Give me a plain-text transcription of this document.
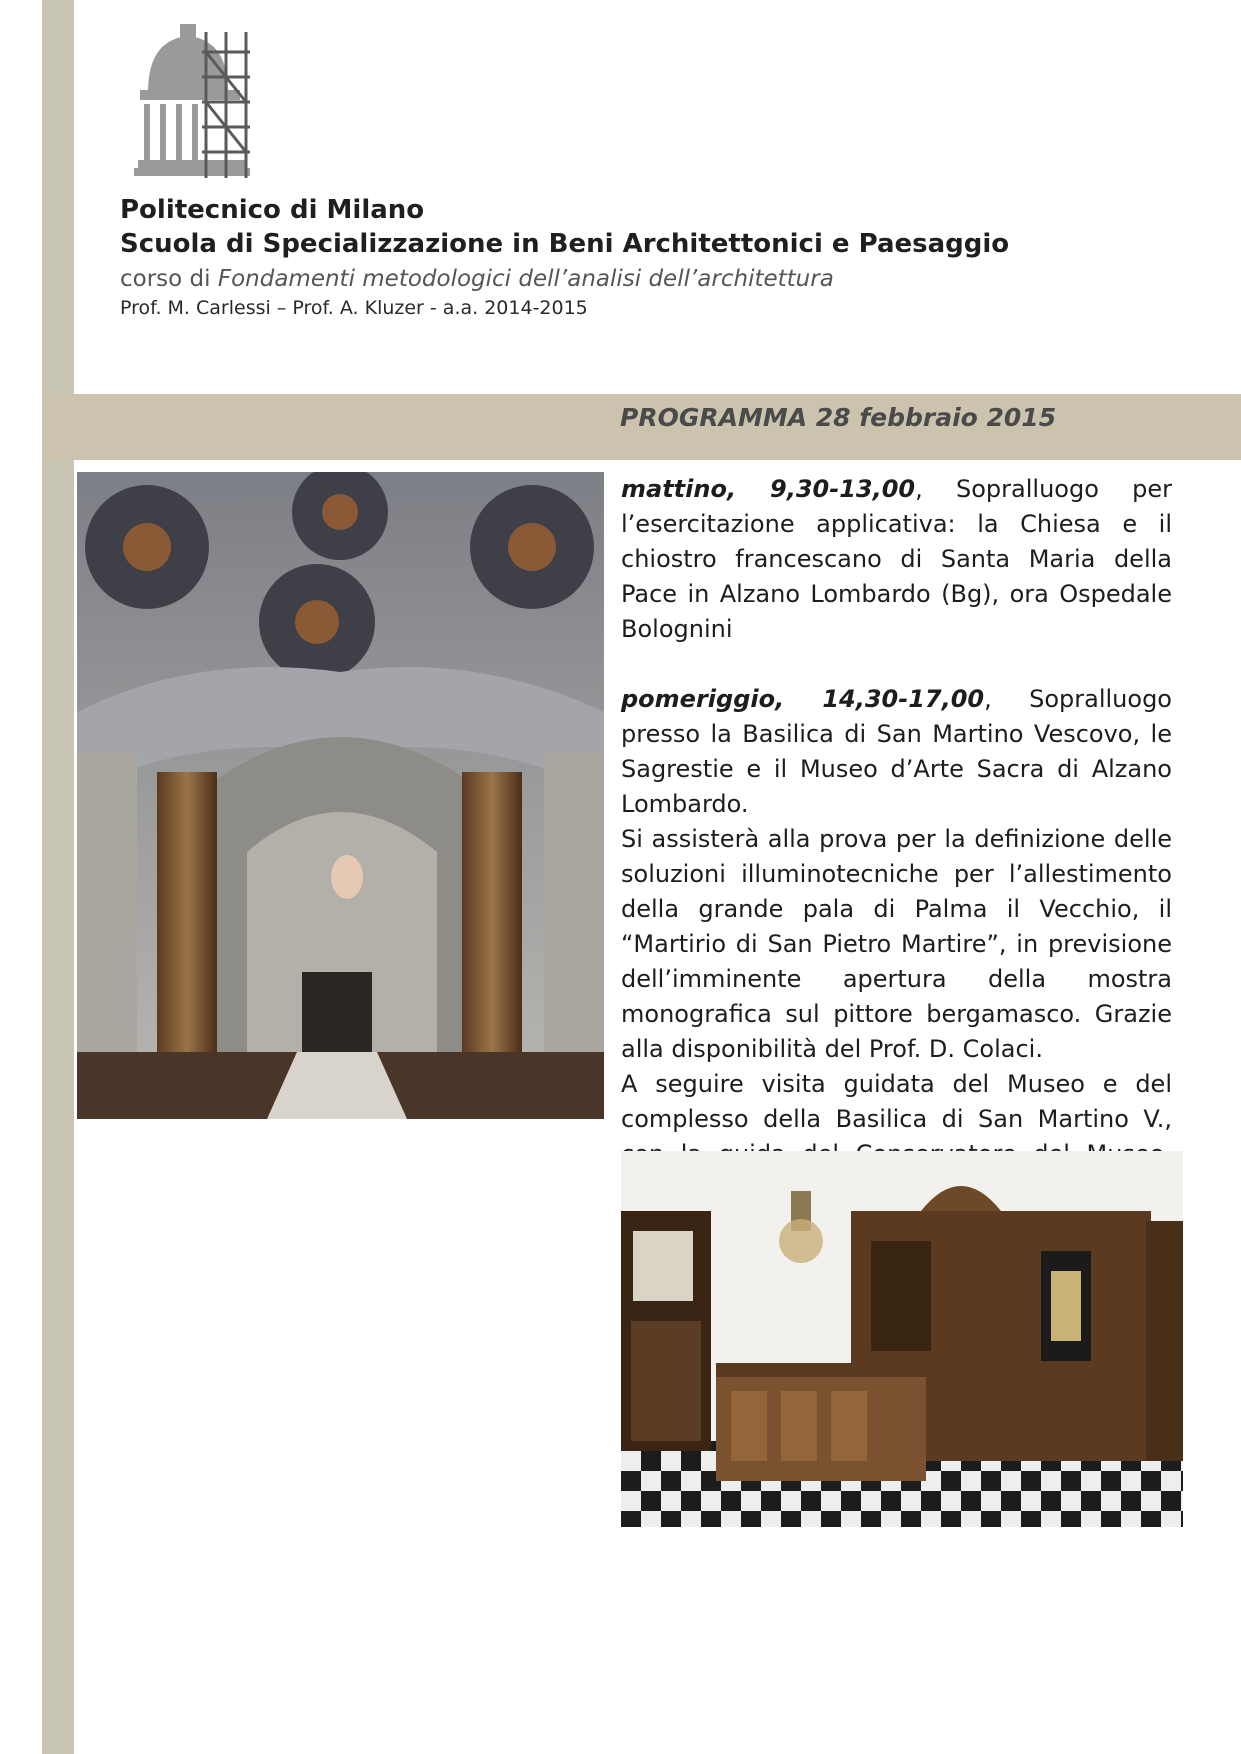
Politecnico di Milano

Scuola di Specializzazione in Beni Architettonici e Paesaggio

corso di Fondamenti metodologici dell’analisi dell’architettura

Prof. M. Carlessi – Prof. A. Kluzer - a.a. 2014-2015

PROGRAMMA 28 febbraio 2015

mattino, 9,30-13,00, Sopralluogo per l’esercitazione applicativa: la Chiesa e il chiostro francescano di Santa Maria della Pace in Alzano Lombardo (Bg), ora Ospedale Bolognini

pomeriggio, 14,30-17,00, Sopralluogo presso la Basilica di San Martino Vescovo, le Sagrestie e il Museo d’Arte Sacra di Alzano Lombardo.

Si assisterà alla prova per la definizione delle soluzioni illuminotecniche per l’allestimento della grande pala di Palma il Vecchio, il “Martirio di San Pietro Martire”, in previsione dell’imminente apertura della mostra monografica sul pittore bergamasco. Grazie alla disponibilità del Prof. D. Colaci.

A seguire visita guidata del Museo e del complesso della Basilica di San Martino V.,
